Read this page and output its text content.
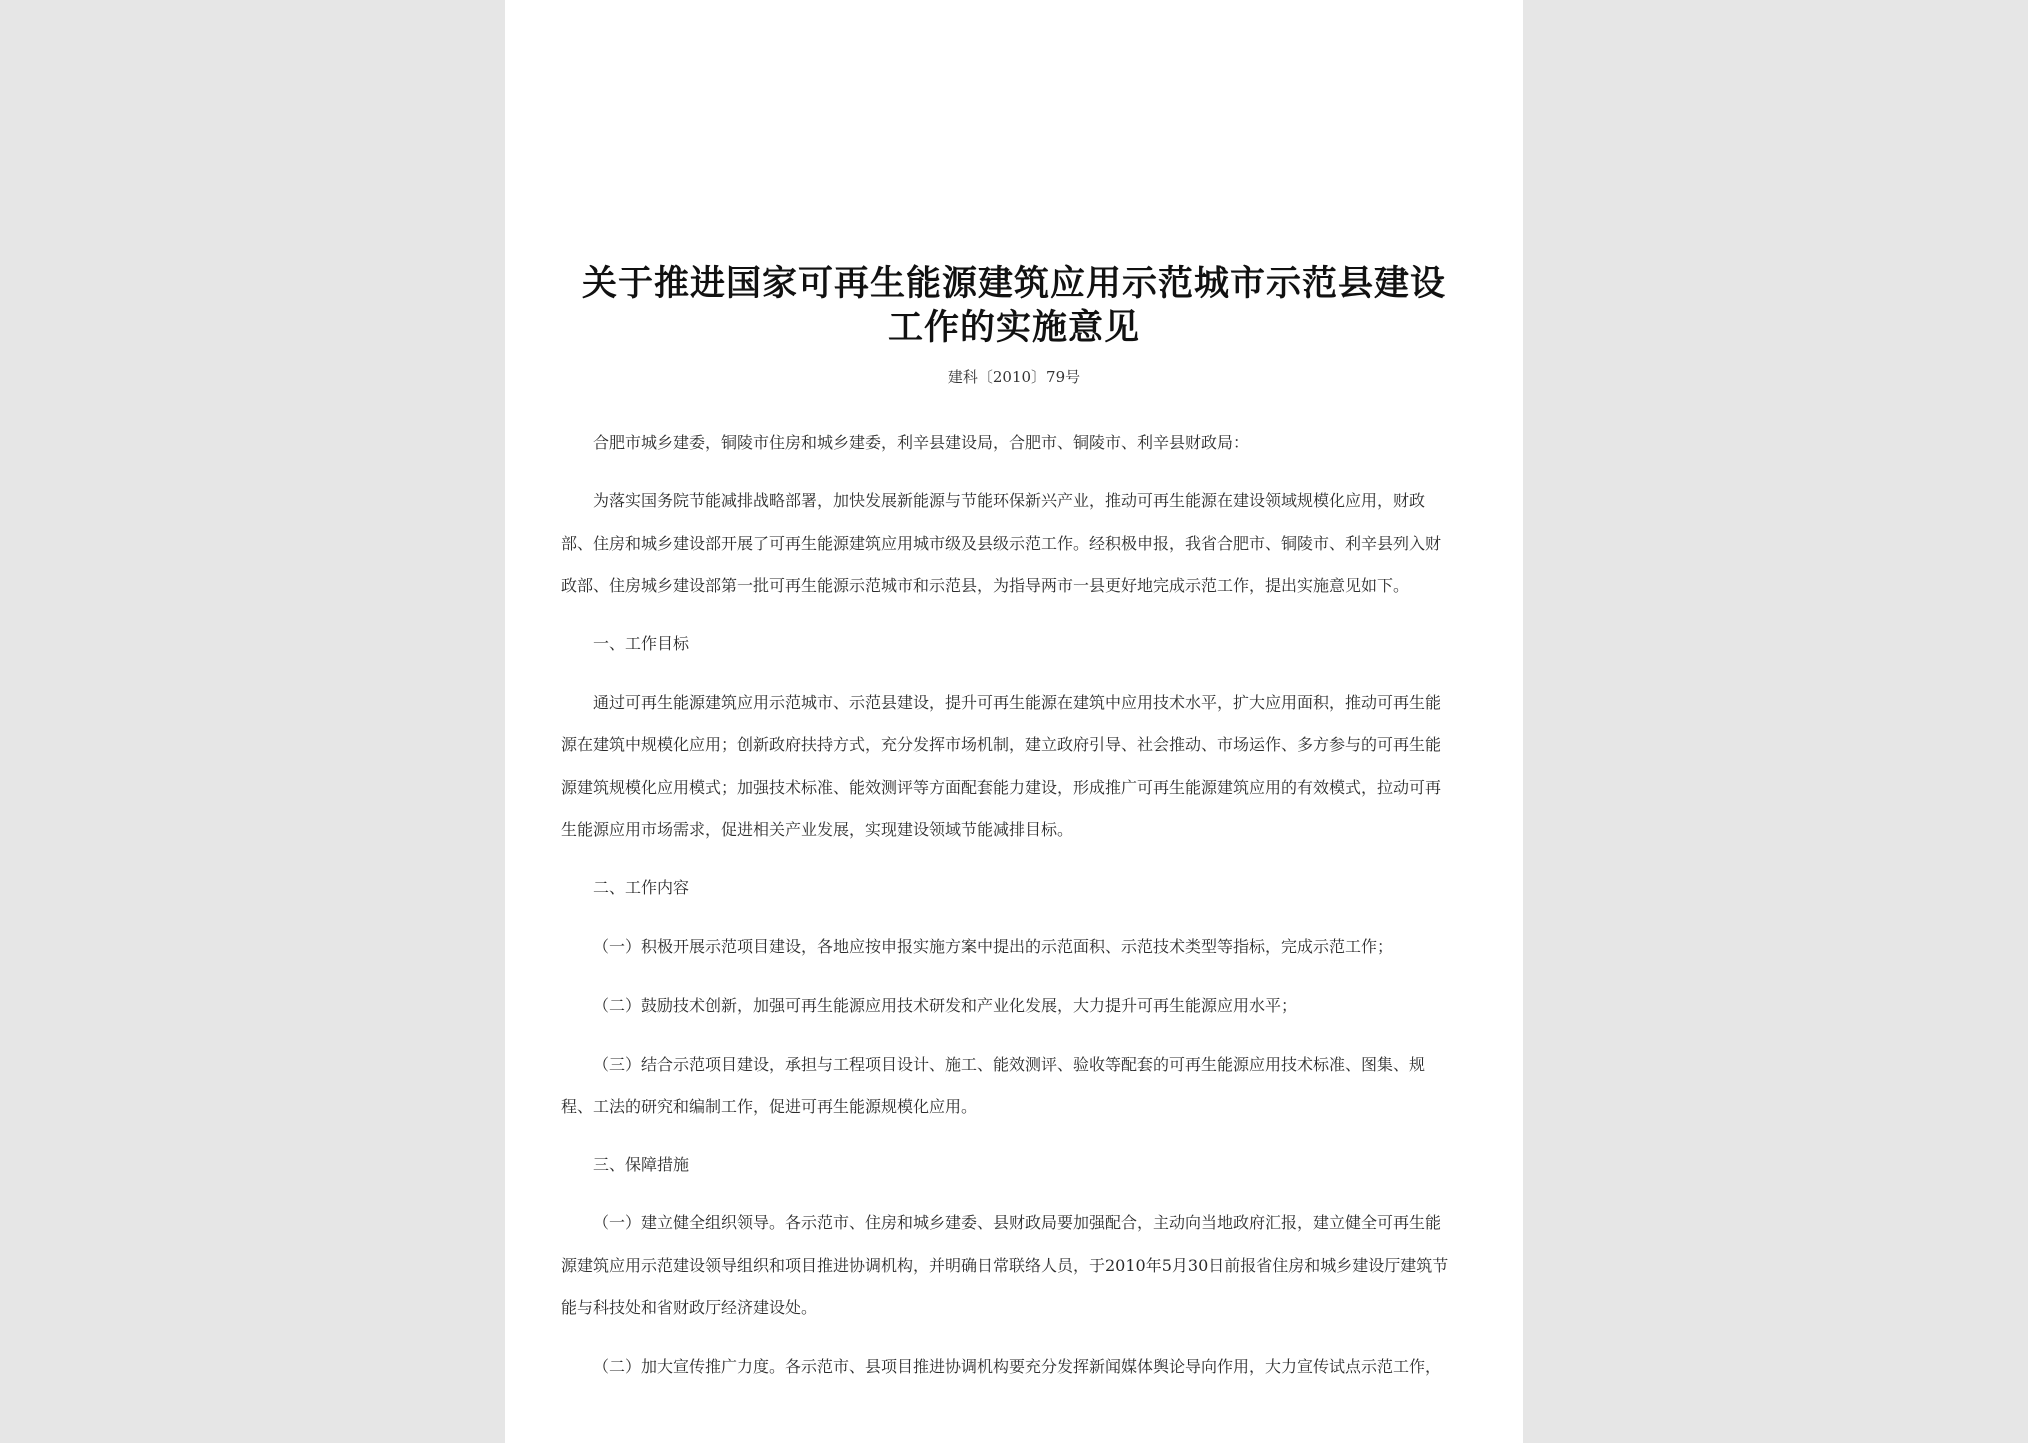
关于推进国家可再生能源建筑应用示范城市示范县建设
工作的实施意见
建科〔2010〕79号
合肥市城乡建委，铜陵市住房和城乡建委，利辛县建设局，合肥市、铜陵市、利辛县财政局：
为落实国务院节能减排战略部署，加快发展新能源与节能环保新兴产业，推动可再生能源在建设领域规模化应用，财政
部、住房和城乡建设部开展了可再生能源建筑应用城市级及县级示范工作。经积极申报，我省合肥市、铜陵市、利辛县列入财
政部、住房城乡建设部第一批可再生能源示范城市和示范县，为指导两市一县更好地完成示范工作，提出实施意见如下。
一、工作目标
通过可再生能源建筑应用示范城市、示范县建设，提升可再生能源在建筑中应用技术水平，扩大应用面积，推动可再生能
源在建筑中规模化应用；创新政府扶持方式，充分发挥市场机制，建立政府引导、社会推动、市场运作、多方参与的可再生能
源建筑规模化应用模式；加强技术标准、能效测评等方面配套能力建设，形成推广可再生能源建筑应用的有效模式，拉动可再
生能源应用市场需求，促进相关产业发展，实现建设领域节能减排目标。
二、工作内容
（一）积极开展示范项目建设，各地应按申报实施方案中提出的示范面积、示范技术类型等指标，完成示范工作；
（二）鼓励技术创新，加强可再生能源应用技术研发和产业化发展，大力提升可再生能源应用水平；
（三）结合示范项目建设，承担与工程项目设计、施工、能效测评、验收等配套的可再生能源应用技术标准、图集、规
程、工法的研究和编制工作，促进可再生能源规模化应用。
三、保障措施
（一）建立健全组织领导。各示范市、住房和城乡建委、县财政局要加强配合，主动向当地政府汇报，建立健全可再生能
源建筑应用示范建设领导组织和项目推进协调机构，并明确日常联络人员，于2010年5月30日前报省住房和城乡建设厅建筑节
能与科技处和省财政厅经济建设处。
（二）加大宣传推广力度。各示范市、县项目推进协调机构要充分发挥新闻媒体舆论导向作用，大力宣传试点示范工作，
